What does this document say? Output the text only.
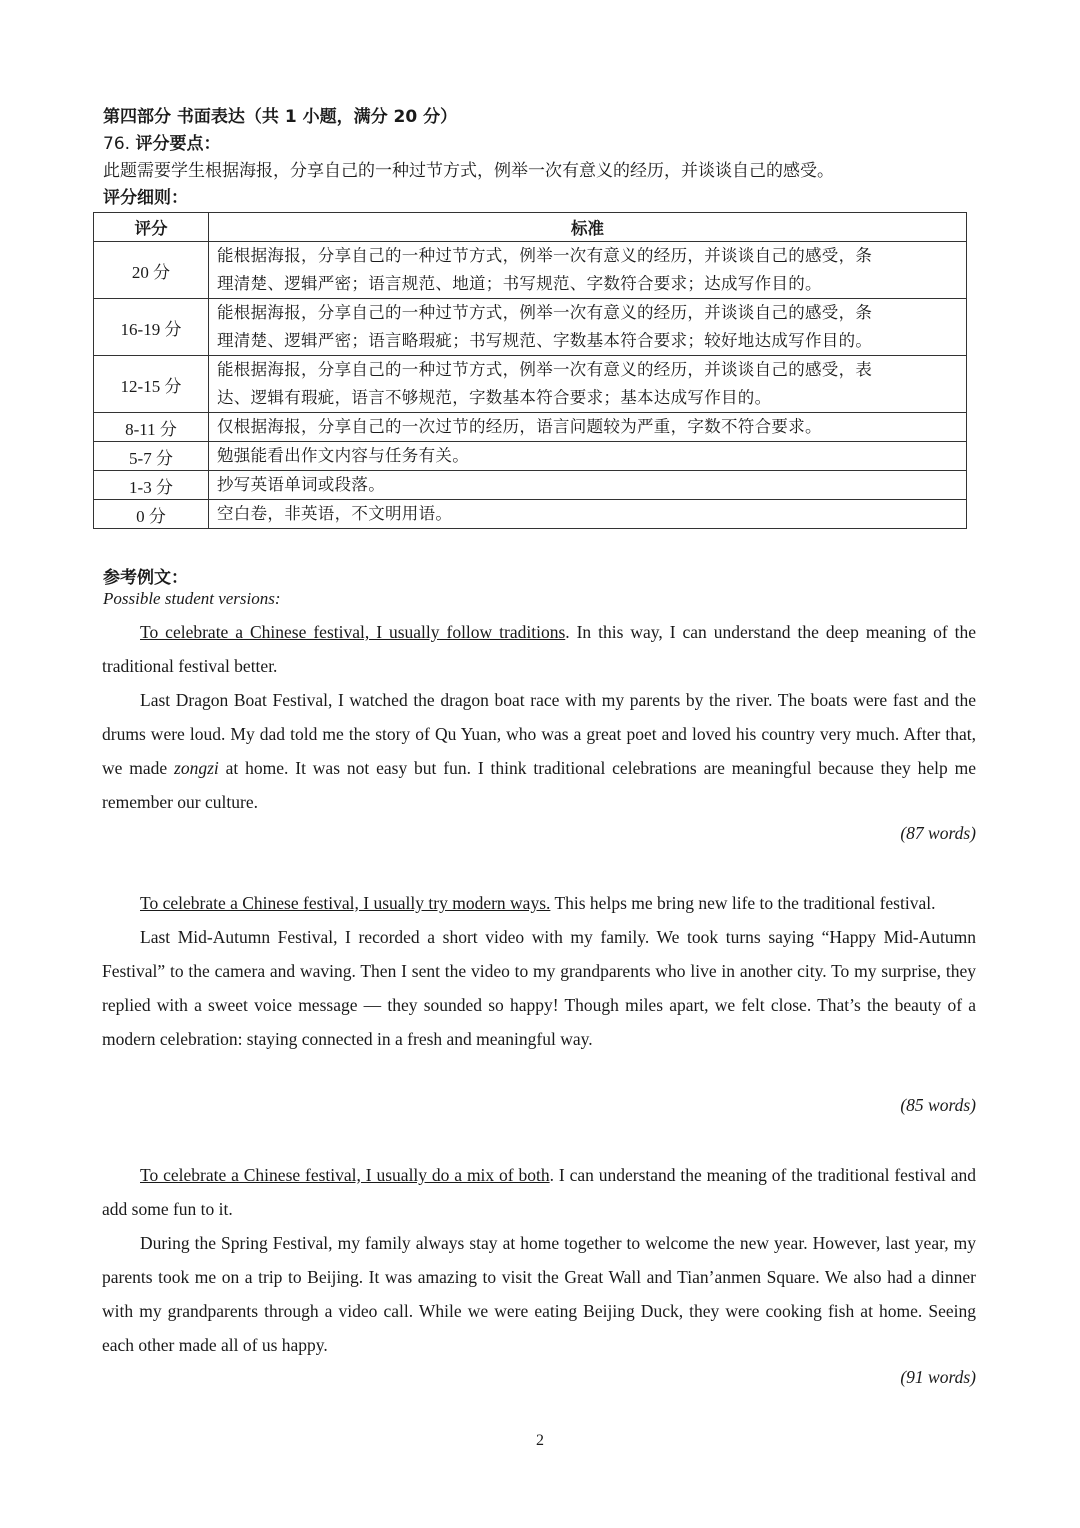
第四部分 书面表达（共 1 小题，满分 20 分）
76. 评分要点：
此题需要学生根据海报，分享自己的一种过节方式，例举一次有意义的经历，并谈谈自己的感受。
评分细则：
评分	标准
20 分	能根据海报，分享自己的一种过节方式，例举一次有意义的经历，并谈谈自己的感受，条
理清楚、逻辑严密；语言规范、地道；书写规范、字数符合要求；达成写作目的。

16-19 分	能根据海报，分享自己的一种过节方式，例举一次有意义的经历，并谈谈自己的感受，条
理清楚、逻辑严密；语言略瑕疵；书写规范、字数基本符合要求；较好地达成写作目的。

12-15 分	能根据海报，分享自己的一种过节方式，例举一次有意义的经历，并谈谈自己的感受，表
达、逻辑有瑕疵，语言不够规范，字数基本符合要求；基本达成写作目的。

8-11 分	仅根据海报，分享自己的一次过节的经历，语言问题较为严重，字数不符合要求。
5-7 分	勉强能看出作文内容与任务有关。
1-3 分	抄写英语单词或段落。
0 分	空白卷，非英语，不文明用语。
参考例文：
Possible student versions:

To celebrate a Chinese festival, I usually follow traditions. In this way, I can understand the deep meaning of the traditional festival better.

Last Dragon Boat Festival, I watched the dragon boat race with my parents by the river. The boats were fast and the drums were loud. My dad told me the story of Qu Yuan, who was a great poet and loved his country very much. After that, we made zongzi at home. It was not easy but fun. I think traditional celebrations are meaningful because they help me remember our culture.

(87 words)

To celebrate a Chinese festival, I usually try modern ways. This helps me bring new life to the traditional festival.

Last Mid-Autumn Festival, I recorded a short video with my family. We took turns saying “Happy Mid-Autumn Festival” to the camera and waving. Then I sent the video to my grandparents who live in another city. To my surprise, they replied with a sweet voice message — they sounded so happy! Though miles apart, we felt close. That’s the beauty of a modern celebration: staying connected in a fresh and meaningful way.

(85 words)

To celebrate a Chinese festival, I usually do a mix of both. I can understand the meaning of the traditional festival and add some fun to it.

During the Spring Festival, my family always stay at home together to welcome the new year. However, last year, my parents took me on a trip to Beijing. It was amazing to visit the Great Wall and Tian’anmen Square. We also had a dinner with my grandparents through a video call. While we were eating Beijing Duck, they were cooking fish at home. Seeing each other made all of us happy.

(91 words)
2
